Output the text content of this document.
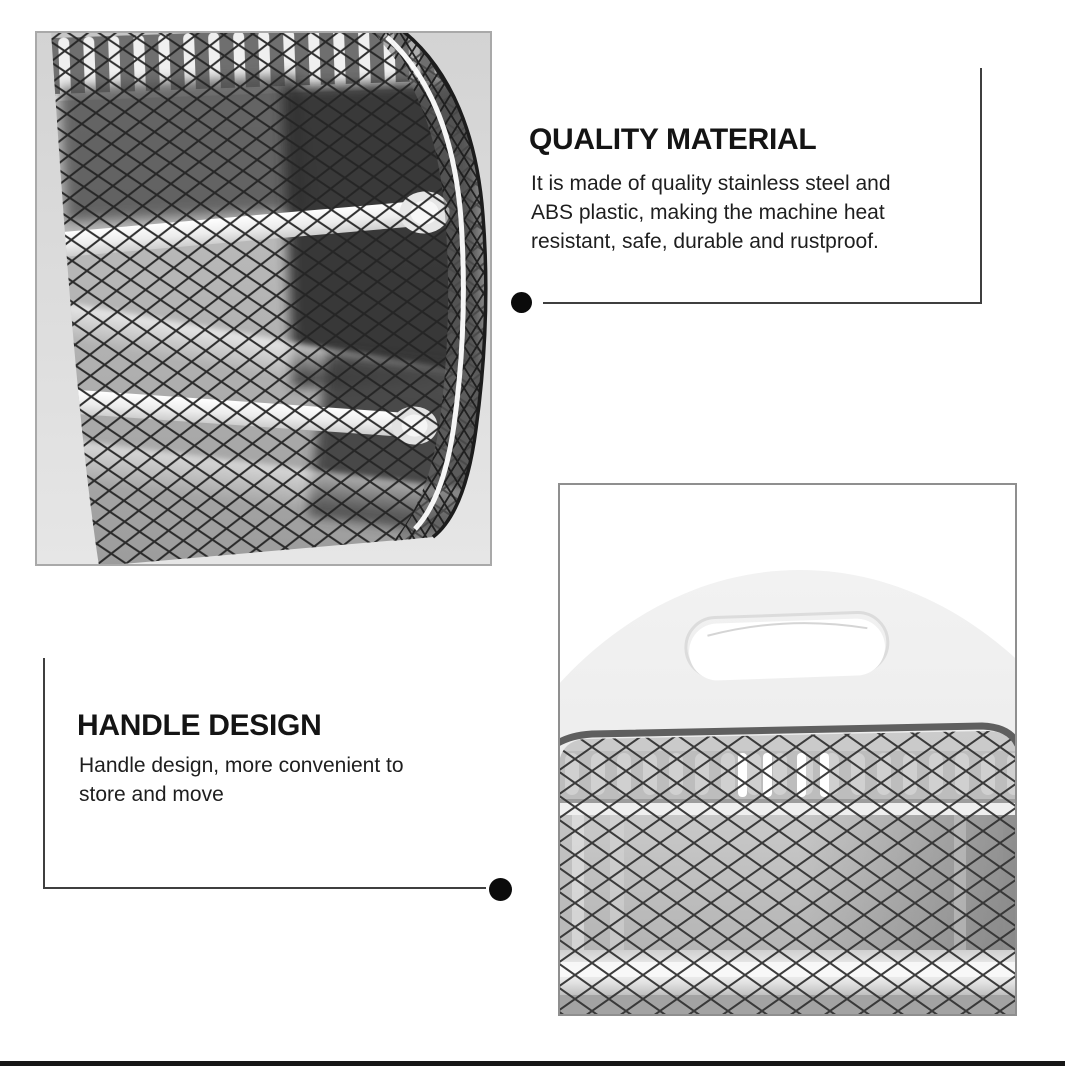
QUALITY MATERIAL
It is made of quality stainless steel and
ABS plastic, making the machine heat
resistant, safe, durable and rustproof.
HANDLE DESIGN
Handle design, more convenient to
store and move
